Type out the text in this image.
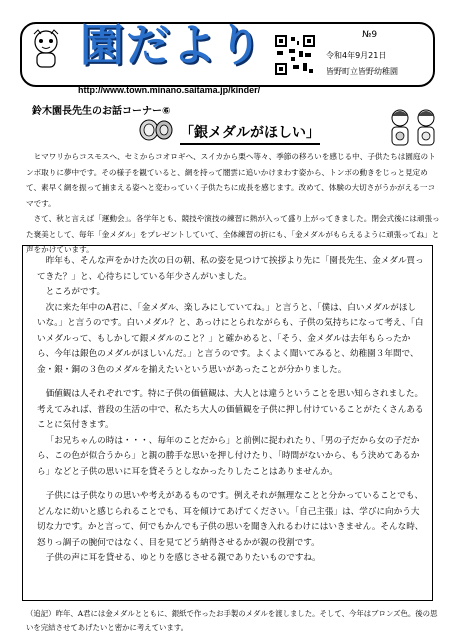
園だより	№9
令和4年9月21日
皆野町立皆野幼稚園
http://www.town.minano.saitama.jp/kinder/
鈴木園長先生のお話コーナー⑥
「銀メダルがほしい」

ヒマワリからコスモスへ、セミからコオロギへ、スイカから栗へ等々、季節の移ろいを感じる中、子供たちは園庭のトンボ取りに夢中です。その様子を観ていると、網を持って闇雲に追いかけまわす姿から、トンボの動きをじっと見定めて、素早く網を振って捕まえる姿へと変わっていく子供たちに成長を感じます。改めて、体験の大切さがうかがえる一コマです。

さて、秋と言えば「運動会」。各学年とも、競技や演技の練習に熱が入って盛り上がってきました。閉会式後には頑張った褒美として、毎年「金メダル」をプレゼントしていて、全体練習の折にも、「金メダルがもらえるように頑張ってね」と声をかけています。

昨年も、そんな声をかけた次の日の朝、私の姿を見つけて挨拶より先に「園長先生、金メダル買ってきた？」と、心待ちにしている年少さんがいました。

ところがです。

次に来た年中のA君に、「金メダル、楽しみにしていてね。」と言うと、「僕は、白いメダルがほしいな。」と言うのです。白いメダル？と、あっけにとられながらも、子供の気持ちになって考え、「白いメダルって、もしかして銀メダルのこと？」と確かめると、「そう、金メダルは去年もらったから、今年は銀色のメダルがほしいんだ。」と言うのです。よくよく聞いてみると、幼稚園３年間で、金・銀・銅の３色のメダルを揃えたいという思いがあったことが分かりました。

価値観は人それぞれです。特に子供の価値観は、大人とは違うということを思い知らされました。考えてみれば、普段の生活の中で、私たち大人の価値観を子供に押し付けていることがたくさんあることに気付きます。

「お兄ちゃんの時は・・・、毎年のことだから」と前例に捉われたり、「男の子だから女の子だから、この色が似合うから」と親の勝手な思いを押し付けたり、「時間がないから、もう決めてあるから」などと子供の思いに耳を貸そうとしなかったりしたことはありませんか。

子供には子供なりの思いや考えがあるものです。例えそれが無理なことと分かっていることでも、どんなに幼いと感じられることでも、耳を傾けてあげてください。「自己主張」は、学びに向かう大切な力です。かと言って、何でもかんでも子供の思いを聞き入れるわけにはいきません。そんな時、怒りっ調子の腕何ではなく、目を見てどう納得させるかが親の役割です。

子供の声に耳を貸せる、ゆとりを感じさせる親でありたいものですね。

（追記）昨年、A君には金メダルとともに、銀紙で作ったお手製のメダルを渡しました。そして、今年はブロンズ色。後の思いを完結させてあげたいと密かに考えています。
